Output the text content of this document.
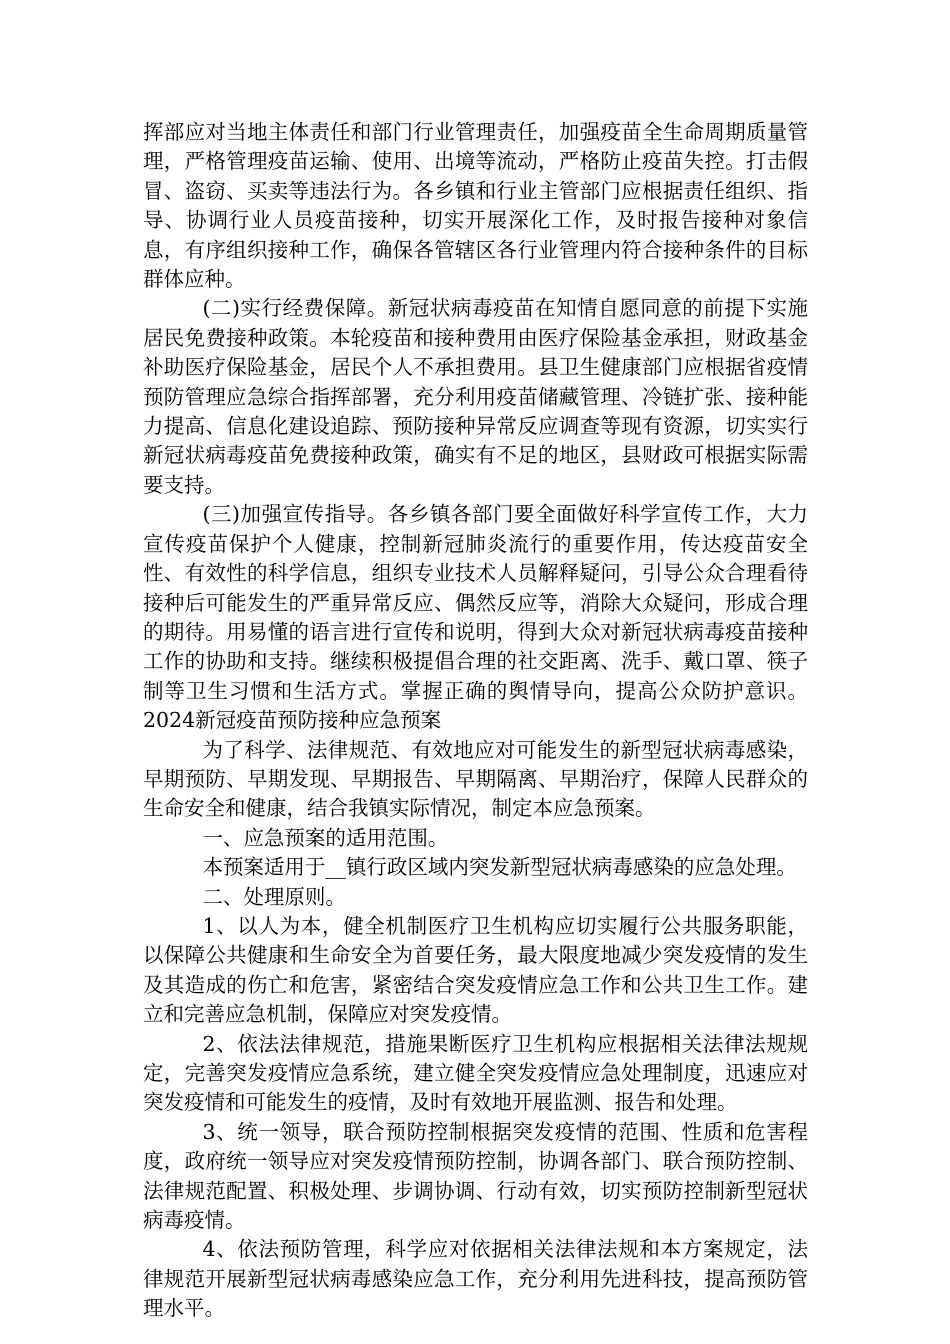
挥部应对当地主体责任和部门行业管理责任，加强疫苗全生命周期质量管理，严格管理疫苗运输、使用、出境等流动，严格防止疫苗失控。打击假冒、盗窃、买卖等违法行为。各乡镇和行业主管部门应根据责任组织、指导、协调行业人员疫苗接种，切实开展深化工作，及时报告接种对象信息，有序组织接种工作，确保各管辖区各行业管理内符合接种条件的目标群体应种。

(二)实行经费保障。新冠状病毒疫苗在知情自愿同意的前提下实施居民免费接种政策。本轮疫苗和接种费用由医疗保险基金承担，财政基金补助医疗保险基金，居民个人不承担费用。县卫生健康部门应根据省疫情预防管理应急综合指挥部署，充分利用疫苗储藏管理、冷链扩张、接种能力提高、信息化建设追踪、预防接种异常反应调查等现有资源，切实实行新冠状病毒疫苗免费接种政策，确实有不足的地区，县财政可根据实际需要支持。

(三)加强宣传指导。各乡镇各部门要全面做好科学宣传工作，大力宣传疫苗保护个人健康，控制新冠肺炎流行的重要作用，传达疫苗安全性、有效性的科学信息，组织专业技术人员解释疑问，引导公众合理看待接种后可能发生的严重异常反应、偶然反应等，消除大众疑问，形成合理的期待。用易懂的语言进行宣传和说明，得到大众对新冠状病毒疫苗接种工作的协助和支持。继续积极提倡合理的社交距离、洗手、戴口罩、筷子制等卫生习惯和生活方式。掌握正确的舆情导向，提高公众防护意识。2024新冠疫苗预防接种应急预案

为了科学、法律规范、有效地应对可能发生的新型冠状病毒感染，早期预防、早期发现、早期报告、早期隔离、早期治疗，保障人民群众的生命安全和健康，结合我镇实际情况，制定本应急预案。

一、应急预案的适用范围。

本预案适用于__镇行政区域内突发新型冠状病毒感染的应急处理。

二、处理原则。

1、以人为本，健全机制医疗卫生机构应切实履行公共服务职能，以保障公共健康和生命安全为首要任务，最大限度地减少突发疫情的发生及其造成的伤亡和危害，紧密结合突发疫情应急工作和公共卫生工作。建立和完善应急机制，保障应对突发疫情。

2、依法法律规范，措施果断医疗卫生机构应根据相关法律法规规定，完善突发疫情应急系统，建立健全突发疫情应急处理制度，迅速应对突发疫情和可能发生的疫情，及时有效地开展监测、报告和处理。

3、统一领导，联合预防控制根据突发疫情的范围、性质和危害程度，政府统一领导应对突发疫情预防控制，协调各部门、联合预防控制、法律规范配置、积极处理、步调协调、行动有效，切实预防控制新型冠状病毒疫情。

4、依法预防管理，科学应对依据相关法律法规和本方案规定，法律规范开展新型冠状病毒感染应急工作，充分利用先进科技，提高预防管理水平。
